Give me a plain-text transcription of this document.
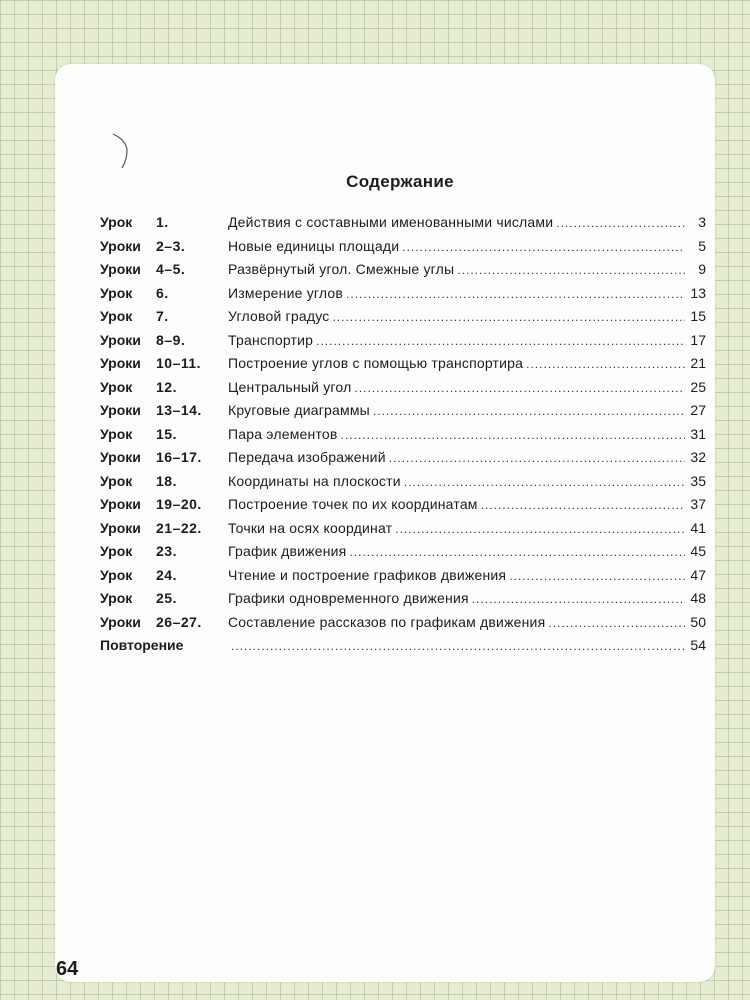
Содержание
Урок	1.	Действия с составными именованными числами .....	3
Уроки	2–3.	Новые единицы площади .....	5
Уроки	4–5.	Развёрнутый угол. Смежные углы .....	9
Урок	6.	Измерение углов .....	13
Урок	7.	Угловой градус .....	15
Уроки	8–9.	Транспортир .....	17
Уроки	10–11.	Построение углов с помощью транспортира .....	21
Урок	12.	Центральный угол .....	25
Уроки	13–14.	Круговые диаграммы .....	27
Урок	15.	Пара элементов .....	31
Уроки	16–17.	Передача изображений .....	32
Урок	18.	Координаты на плоскости .....	35
Уроки	19–20.	Построение точек по их координатам .....	37
Уроки	21–22.	Точки на осях координат .....	41
Урок	23.	График движения .....	45
Урок	24.	Чтение и построение графиков движения .....	47
Урок	25.	Графики одновременного движения .....	48
Уроки	26–27.	Составление рассказов по графикам движения .....	50
Повторение .....	54
64
